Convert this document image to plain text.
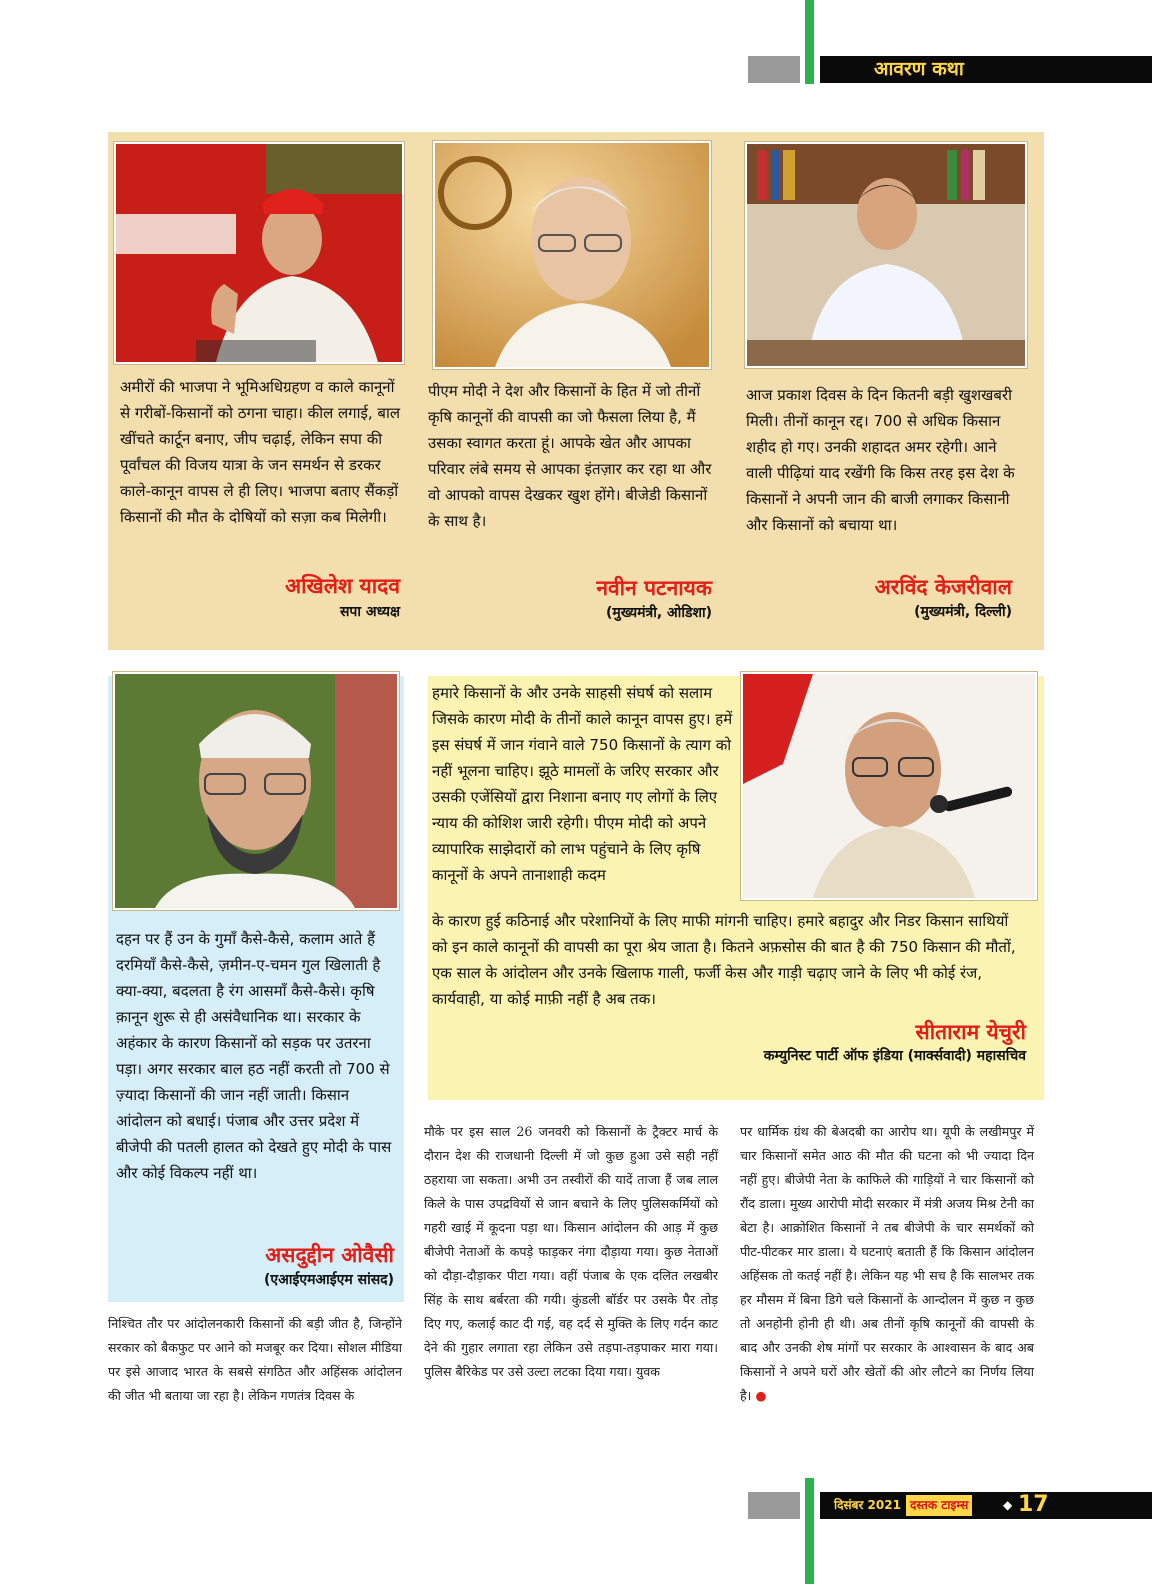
आवरण कथा
अमीरों की भाजपा ने भूमिअधिग्रहण व काले कानूनों से गरीबों-किसानों को ठगना चाहा। कील लगाई, बाल खींचते कार्टून बनाए, जीप चढ़ाई, लेकिन सपा की पूर्वांचल की विजय यात्रा के जन समर्थन से डरकर काले-कानून वापस ले ही लिए। भाजपा बताए सैंकड़ों किसानों की मौत के दोषियों को सज़ा कब मिलेगी।
अखिलेश यादव
सपा अध्यक्ष
पीएम मोदी ने देश और किसानों के हित में जो तीनों कृषि कानूनों की वापसी का जो फैसला लिया है, मैं उसका स्वागत करता हूं। आपके खेत और आपका परिवार लंबे समय से आपका इंतज़ार कर रहा था और वो आपको वापस देखकर खुश होंगे। बीजेडी किसानों के साथ है।
नवीन पटनायक
(मुख्यमंत्री, ओडिशा)
आज प्रकाश दिवस के दिन कितनी बड़ी खुशखबरी मिली। तीनों कानून रद्द। 700 से अधिक किसान शहीद हो गए। उनकी शहादत अमर रहेगी। आने वाली पीढ़ियां याद रखेंगी कि किस तरह इस देश के किसानों ने अपनी जान की बाजी लगाकर किसानी और किसानों को बचाया था।
अरविंद केजरीवाल
(मुख्यमंत्री, दिल्ली)
दहन पर हैं उन के गुमाँ कैसे-कैसे, कलाम आते हैं दरमियाँ कैसे-कैसे, ज़मीन-ए-चमन गुल खिलाती है क्या-क्या, बदलता है रंग आसमाँ कैसे-कैसे। कृषि क़ानून शुरू से ही असंवैधानिक था। सरकार के अहंकार के कारण किसानों को सड़क पर उतरना पड़ा। अगर सरकार बाल हठ नहीं करती तो 700 से ज़्यादा किसानों की जान नहीं जाती। किसान आंदोलन को बधाई। पंजाब और उत्तर प्रदेश में बीजेपी की पतली हालत को देखते हुए मोदी के पास और कोई विकल्प नहीं था।
असदुद्दीन ओवैसी
(एआईएमआईएम सांसद)
हमारे किसानों के और उनके साहसी संघर्ष को सलाम जिसके कारण मोदी के तीनों काले कानून वापस हुए। हमें इस संघर्ष में जान गंवाने वाले 750 किसानों के त्याग को नहीं भूलना चाहिए। झूठे मामलों के जरिए सरकार और उसकी एजेंसियों द्वारा निशाना बनाए गए लोगों के लिए न्याय की कोशिश जारी रहेगी। पीएम मोदी को अपने व्यापारिक साझेदारों को लाभ पहुंचाने के लिए कृषि कानूनों के अपने तानाशाही कदम
के कारण हुई कठिनाई और परेशानियों के लिए माफी मांगनी चाहिए। हमारे बहादुर और निडर किसान साथियों को इन काले कानूनों की वापसी का पूरा श्रेय जाता है। कितने अफ़सोस की बात है की 750 किसान की मौतों, एक साल के आंदोलन और उनके खिलाफ गाली, फर्जी केस और गाड़ी चढ़ाए जाने के लिए भी कोई रंज, कार्यवाही, या कोई माफ़ी नहीं है अब तक।
सीताराम येचुरी
कम्युनिस्ट पार्टी ऑफ इंडिया (मार्क्सवादी) महासचिव
निश्चित तौर पर आंदोलनकारी किसानों की बड़ी जीत है, जिन्होंने सरकार को बैकफुट पर आने को मजबूर कर दिया। सोशल मीडिया पर इसे आजाद भारत के सबसे संगठित और अहिंसक आंदोलन की जीत भी बताया जा रहा है। लेकिन गणतंत्र दिवस के
मौके पर इस साल 26 जनवरी को किसानों के ट्रैक्टर मार्च के दौरान देश की राजधानी दिल्ली में जो कुछ हुआ उसे सही नहीं ठहराया जा सकता। अभी उन तस्वीरों की यादें ताजा हैं जब लाल किले के पास उपद्रवियों से जान बचाने के लिए पुलिसकर्मियों को गहरी खाई में कूदना पड़ा था। किसान आंदोलन की आड़ में कुछ बीजेपी नेताओं के कपड़े फाड़कर नंगा दौड़ाया गया। कुछ नेताओं को दौड़ा-दौड़ाकर पीटा गया। वहीं पंजाब के एक दलित लखबीर सिंह के साथ बर्बरता की गयी। कुंडली बॉर्डर पर उसके पैर तोड़ दिए गए, कलाई काट दी गई, वह दर्द से मुक्ति के लिए गर्दन काट देने की गुहार लगाता रहा लेकिन उसे तड़पा-तड़पाकर मारा गया। पुलिस बैरिकेड पर उसे उल्टा लटका दिया गया। युवक
पर धार्मिक ग्रंथ की बेअदबी का आरोप था। यूपी के लखीमपुर में चार किसानों समेत आठ की मौत की घटना को भी ज्यादा दिन नहीं हुए। बीजेपी नेता के काफिले की गाड़ियों ने चार किसानों को रौंद डाला। मुख्य आरोपी मोदी सरकार में मंत्री अजय मिश्र टेनी का बेटा है। आक्रोशित किसानों ने तब बीजेपी के चार समर्थकों को पीट-पीटकर मार डाला। ये घटनाएं बताती हैं कि किसान आंदोलन अहिंसक तो कतई नहीं है। लेकिन यह भी सच है कि सालभर तक हर मौसम में बिना डिगे चले किसानों के आन्दोलन में कुछ न कुछ तो अनहोनी होनी ही थी। अब तीनों कृषि कानूनों की वापसी के बाद और उनकी शेष मांगों पर सरकार के आश्वासन के बाद अब किसानों ने अपने घरों और खेतों की ओर लौटने का निर्णय लिया है। ●
दिसंबर 2021 दस्तक टाइम्स	◆ 17
